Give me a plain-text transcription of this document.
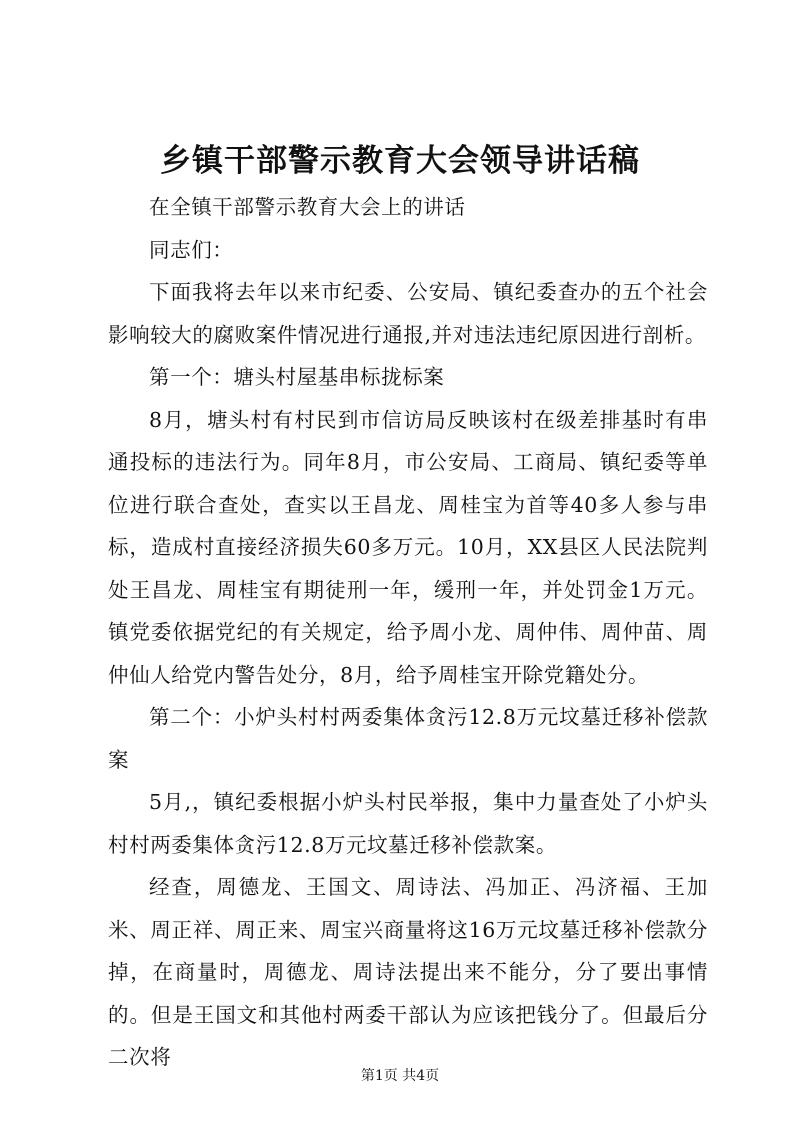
乡镇干部警示教育大会领导讲话稿

在全镇干部警示教育大会上的讲话

同志们：

下面我将去年以来市纪委、公安局、镇纪委查办的五个社会影响较大的腐败案件情况进行通报,并对违法违纪原因进行剖析。

第一个：塘头村屋基串标拢标案

8月，塘头村有村民到市信访局反映该村在级差排基时有串通投标的违法行为。同年8月，市公安局、工商局、镇纪委等单位进行联合查处，查实以王昌龙、周桂宝为首等40多人参与串标，造成村直接经济损失60多万元。10月，XX县区人民法院判处王昌龙、周桂宝有期徒刑一年，缓刑一年，并处罚金1万元。镇党委依据党纪的有关规定，给予周小龙、周仲伟、周仲苗、周仲仙人给党内警告处分，8月，给予周桂宝开除党籍处分。

第二个：小炉头村村两委集体贪污12.8万元坟墓迁移补偿款案

5月,，镇纪委根据小炉头村民举报，集中力量查处了小炉头村村两委集体贪污12.8万元坟墓迁移补偿款案。

经查，周德龙、王国文、周诗法、冯加正、冯济福、王加米、周正祥、周正来、周宝兴商量将这16万元坟墓迁移补偿款分掉，在商量时，周德龙、周诗法提出来不能分，分了要出事情的。但是王国文和其他村两委干部认为应该把钱分了。但最后分二次将

第1页 共4页
